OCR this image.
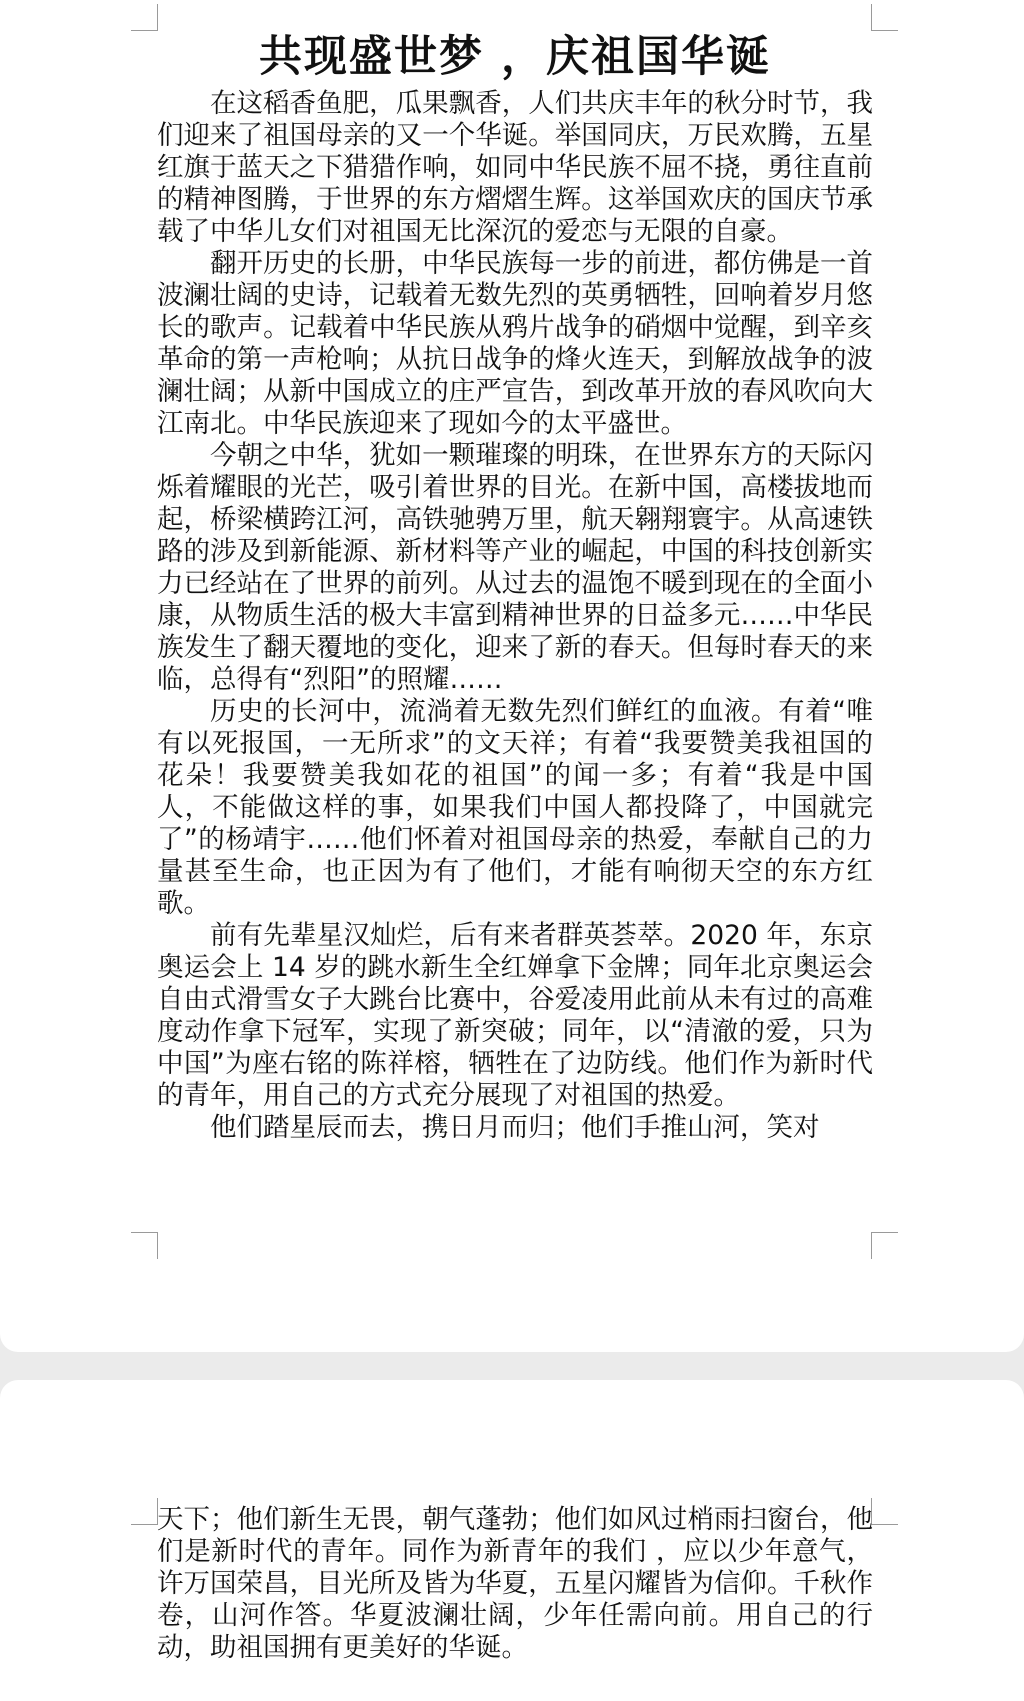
共现盛世梦 ，庆祖国华诞

在这稻香鱼肥，瓜果飘香，人们共庆丰年的秋分时节，我们迎来了祖国母亲的又一个华诞。举国同庆，万民欢腾，五星红旗于蓝天之下猎猎作响，如同中华民族不屈不挠，勇往直前的精神图腾，于世界的东方熠熠生辉。这举国欢庆的国庆节承载了中华儿女们对祖国无比深沉的爱恋与无限的自豪。

翻开历史的长册，中华民族每一步的前进，都仿佛是一首波澜壮阔的史诗，记载着无数先烈的英勇牺牲，回响着岁月悠长的歌声。记载着中华民族从鸦片战争的硝烟中觉醒，到辛亥革命的第一声枪响；从抗日战争的烽火连天，到解放战争的波澜壮阔；从新中国成立的庄严宣告，到改革开放的春风吹向大江南北。中华民族迎来了现如今的太平盛世。

今朝之中华，犹如一颗璀璨的明珠，在世界东方的天际闪烁着耀眼的光芒，吸引着世界的目光。在新中国，高楼拔地而起，桥梁横跨江河，高铁驰骋万里，航天翱翔寰宇。从高速铁路的涉及到新能源、新材料等产业的崛起，中国的科技创新实力已经站在了世界的前列。从过去的温饱不暖到现在的全面小康，从物质生活的极大丰富到精神世界的日益多元……中华民族发生了翻天覆地的变化，迎来了新的春天。但每时春天的来临，总得有“烈阳”的照耀……

历史的长河中，流淌着无数先烈们鲜红的血液。有着“唯有以死报国，一无所求”的文天祥；有着“我要赞美我祖国的花朵！我要赞美我如花的祖国”的闻一多；有着“我是中国人，不能做这样的事，如果我们中国人都投降了，中国就完了”的杨靖宇……他们怀着对祖国母亲的热爱，奉献自己的力量甚至生命，也正因为有了他们，才能有响彻天空的东方红歌。

前有先辈星汉灿烂，后有来者群英荟萃。2020 年，东京奥运会上 14 岁的跳水新生全红婵拿下金牌；同年北京奥运会自由式滑雪女子大跳台比赛中，谷爱凌用此前从未有过的高难度动作拿下冠军，实现了新突破；同年，以“清澈的爱，只为中国”为座右铭的陈祥榕，牺牲在了边防线。他们作为新时代的青年，用自己的方式充分展现了对祖国的热爱。

他们踏星辰而去，携日月而归；他们手推山河，笑对

天下；他们新生无畏，朝气蓬勃；他们如风过梢雨扫窗台，他们是新时代的青年。同作为新青年的我们 ，应以少年意气，许万国荣昌，目光所及皆为华夏，五星闪耀皆为信仰。千秋作卷，山河作答。华夏波澜壮阔，少年任需向前。用自己的行动，助祖国拥有更美好的华诞。
